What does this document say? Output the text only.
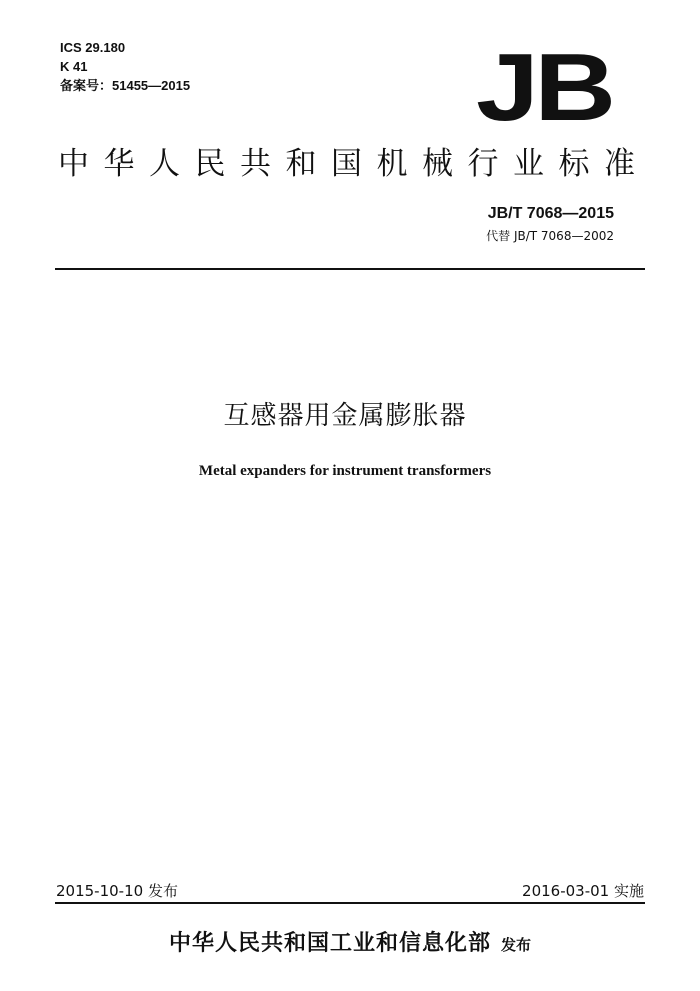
ICS 29.180
K 41
备案号：51455—2015	JB
中华人民共和国机械行业标准
JB/T 7068—2015
代替 JB/T 7068—2002
互感器用金属膨胀器
Metal expanders for instrument transformers
2015-10-10 发布	2016-03-01 实施
中华人民共和国工业和信息化部 发布
